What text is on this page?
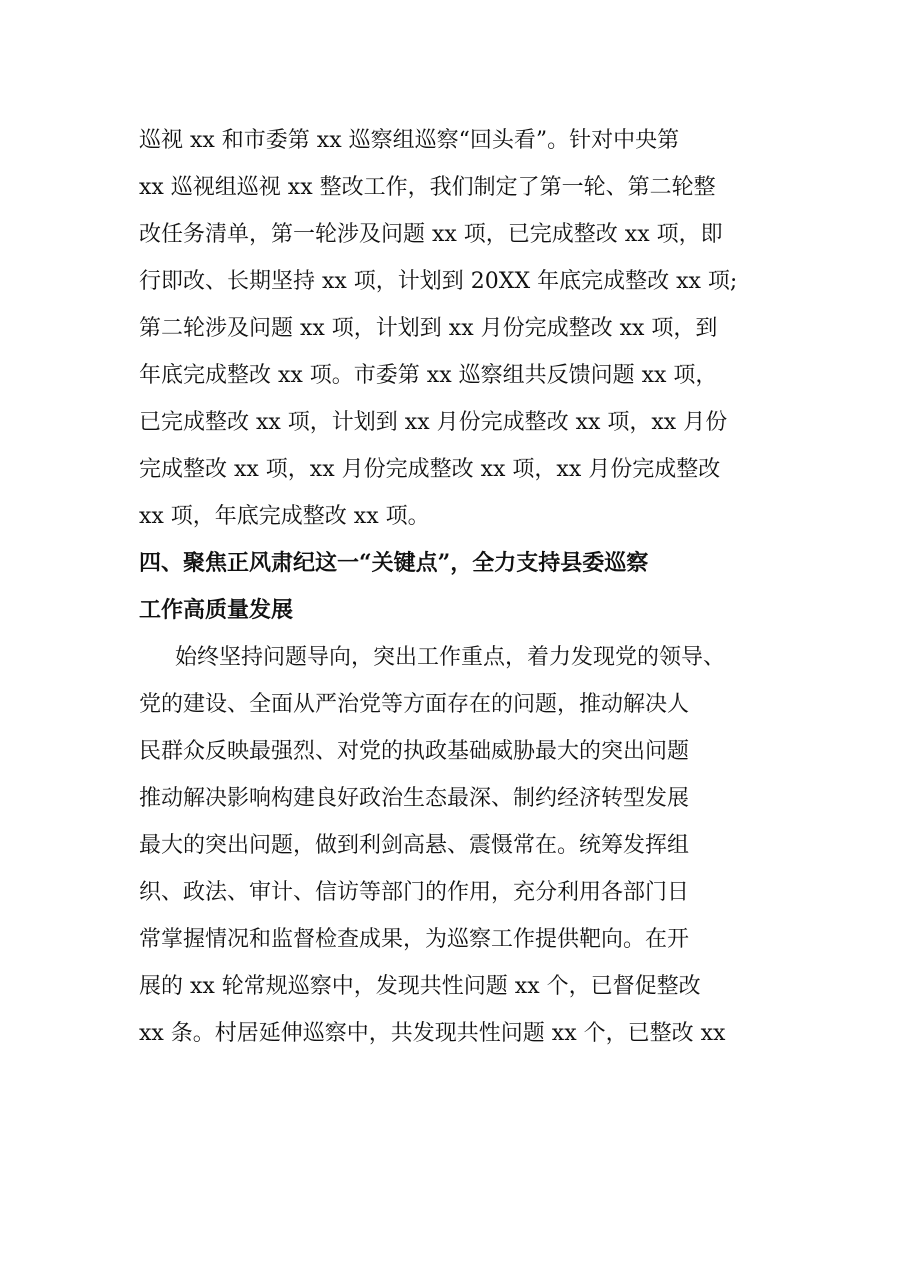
巡视 xx 和市委第 xx 巡察组巡察“回头看”。针对中央第
xx 巡视组巡视 xx 整改工作，我们制定了第一轮、第二轮整
改任务清单，第一轮涉及问题 xx 项，已完成整改 xx 项，即
行即改、长期坚持 xx 项，计划到 20XX 年底完成整改 xx 项;
第二轮涉及问题 xx 项，计划到 xx 月份完成整改 xx 项，到
年底完成整改 xx 项。市委第 xx 巡察组共反馈问题 xx 项，
已完成整改 xx 项，计划到 xx 月份完成整改 xx 项，xx 月份
完成整改 xx 项，xx 月份完成整改 xx 项，xx 月份完成整改
xx 项，年底完成整改 xx 项。
四、聚焦正风肃纪这一“关键点”，全力支持县委巡察
工作高质量发展
始终坚持问题导向，突出工作重点，着力发现党的领导、
党的建设、全面从严治党等方面存在的问题，推动解决人
民群众反映最强烈、对党的执政基础威胁最大的突出问题
推动解决影响构建良好政治生态最深、制约经济转型发展
最大的突出问题，做到利剑高悬、震慑常在。统筹发挥组
织、政法、审计、信访等部门的作用，充分利用各部门日
常掌握情况和监督检查成果，为巡察工作提供靶向。在开
展的 xx 轮常规巡察中，发现共性问题 xx 个，已督促整改
xx 条。村居延伸巡察中，共发现共性问题 xx 个，已整改 xx
